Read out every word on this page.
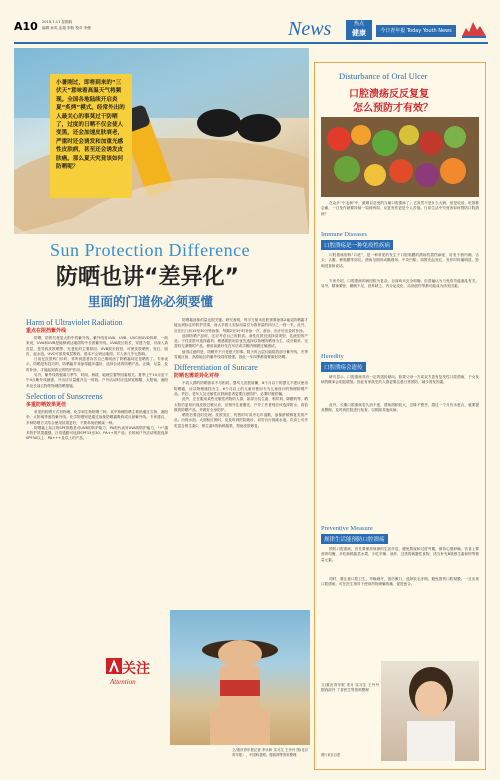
A10 2019.7.11 星期四
编辑 孙英 孟超 李娇 校对 李俊	News	热点
健康	今日青年报 Today Youth News
小暑刚过，即将到来的“三伏天”意味着高温天气将频现。全国各地陆续开启炎夏“炙烤”模式。经常外出的人最关心的事莫过于防晒了，过度的日晒不仅会使人变黑，还会加速皮肤衰老，严重时还会诱发和加重光感性皮肤病，甚至还会诱发皮肤癌。那么夏天究竟该如何防晒呢？
Sun Protection Difference
防晒也讲“差异化”
里面的门道你必须要懂
Harm of Ultraviolet Radiation
重点在阻挡紫外线
防晒，防的究竟是太阳中的紫外线。紫外线有UVA、UVB、UVC和UVD四种，一般来说，UVA和UVB是能够到达地面的中长波紫外线。UVA波长较长，穿透力强，可深入真皮层，是导致皮肤晒黑、光老化的主要原因；UVB波长较短，可使皮肤晒伤、发红、脱皮、起水泡。UVC可被臭氧层吸收，基本不会到达地面，对人体几乎无影响。
日前在皮肤科门诊时，常听到患者诉苦自己明明涂了防晒霜却还是晒伤了。专家表示，防晒是有技巧的，防晒霜并非涂得越多越好，选择合适的防晒产品，正确、足量、及时补涂，才能起到真正的防护作用。
另外，紫外线的强弱与季节、时间、海拔、地理位置等因素相关。夏季上午10点至下午4点紫外线最强，外出应尽量避开这一时段。户外活动时应选择宽檐帽、太阳镜、遮阳伞及长袖衣物等物理防晒措施。
Selection of Sunscreens
多重防晒效果更佳
常见的防晒方式有物理、化学和生物防晒三种。其中物理防晒主要指通过衣物、遮阳伞、太阳镜等遮挡紫外线；化学防晒则是通过涂抹防晒霜吸收或反射紫外线。专家建议，多种防晒方式结合使用效果更好，不要单纯依赖某一种。
防晒霜上标注的SPF指数是对UVB的防护能力，PA则代表对UVA的防护能力，“+”越多防护效果越强。日常通勤可选择SPF15至30、PA++的产品；长时间户外活动则需选择SPF30以上、PA+++及以上的产品。
关注
Attention
防晒霜涂抹的量也很关键。研究表明，每平方厘米皮肤需要涂抹2毫克防晒霜才能达到标注的防护效果，而大多数人实际用量仅为推荐量的四分之一到一半。此外，应在出门前15至30分钟涂抹，每隔2至3小时补涂一次，游泳、出汗后应及时补涂。
选择防晒产品时，还应考虑自己的肤质。油性皮肤宜选择清爽型、乳液型的产品；干性皮肤可选择霜剂；敏感肌肤则应优先选择以物理防晒剂为主、成分简单、无香料无酒精的产品，使用前最好先在耳后或手腕内侧做过敏测试。
值得注意的是，防晒并不只是夏天的事。阴天时云层仅能阻挡部分紫外线，冬季雪地反射、高原地区的紫外线同样很强，因此一年四季都需要做好防晒。
Differentiation of Suncare
防晒也需差异化对待
不同人群的防晒需求不尽相同。婴幼儿皮肤娇嫩，6个月以下的婴儿不建议使用防晒霜，应以物理遮挡为主；6个月以上的儿童可使用专为儿童设计的物理防晒产品。孕妇、老年人及光敏性皮肤病患者更要注意防护，必要时遵医嘱。
此外，正在服用某些光敏性药物的人群，如部分抗生素、利尿剂、降糖药等，晒太阳后更易出现皮肤过敏反应，应格外注意避光。户外工作者则应该选择防水、高倍数的防晒产品，并做好全身防护。
晒伤后要及时处理。皮肤发红、灼热时可用冷毛巾湿敷，涂抹舒缓修复类的产品；出现水泡、大面积红肿时，应及时到医院就诊，切勿自行挑破水泡。饮食上可多吃富含维生素C、维生素E的新鲜蔬果，帮助皮肤修复。
文/重庆青年报记者 李永和 实习生 王丹丹 图/北京青年报），中国科普网，搜狐网等资料整理
Disturbance of Oral Ulcer
口腔溃疡反反复复
怎么预防才有效？
在众多“小毛病”中，最难以忍受的当属口腔溃疡了。它虽然不是什么大病，但是说话、吃饭都会痛，一旦发作就要持续一周到两周，反复发作更是令人苦恼。日常生活中究竟该如何预防口腔溃疡？
Immune Diseases
口腔溃疡是一种免疫性疾病
口腔溃疡俗称“口疮”，是一种常见的发生于口腔黏膜的溃疡性损伤病症，好发于唇内侧、舌头、舌腹、颊黏膜等部位。溃疡呈圆形或椭圆形，中央凹陷，周围充血发红，发作时疼痛明显，影响进食和说话。
专家介绍，口腔溃疡的病因较为复杂，目前尚未完全明确，但普遍认为与免疫功能紊乱有关。另外，精神紧张、睡眠不足、营养缺乏、内分泌变化、局部创伤等都可能成为诱发因素。
Heredity
口腔溃疡会遗传
研究显示，口腔溃疡具有一定的遗传倾向。如果父母一方或双方患有复发性口腔溃疡，子女发病的概率会明显增加。因此有家族史的人群更要注意日常预防，减少诱发因素。
此外，长期口腔溃疡若久治不愈，溃疡面积较大、边缘不整齐、超过一个月仍未愈合，就要提高警惕，及时到医院进行检查，以排除其他疾病。
Preventive Measure
规律生活能预防口腔溃疡
预防口腔溃疡，首先要保持规律的生活作息，避免熬夜和过度劳累，保持心情舒畅。饮食上要营养均衡，多吃新鲜蔬菜水果，少吃辛辣、油炸、过烫的刺激性食物，适当补充B族维生素和锌等微量元素。
同时，要注意口腔卫生，早晚刷牙，饭后漱口，选择软毛牙刷，避免损伤口腔黏膜。一旦出现口腔溃疡，可在医生指导下使用药物缓解疼痛、促进愈合。
文/重庆青年报 采月 实习生 王丹丹 据西部开 丁香医生等资料整理
图片来自百度
